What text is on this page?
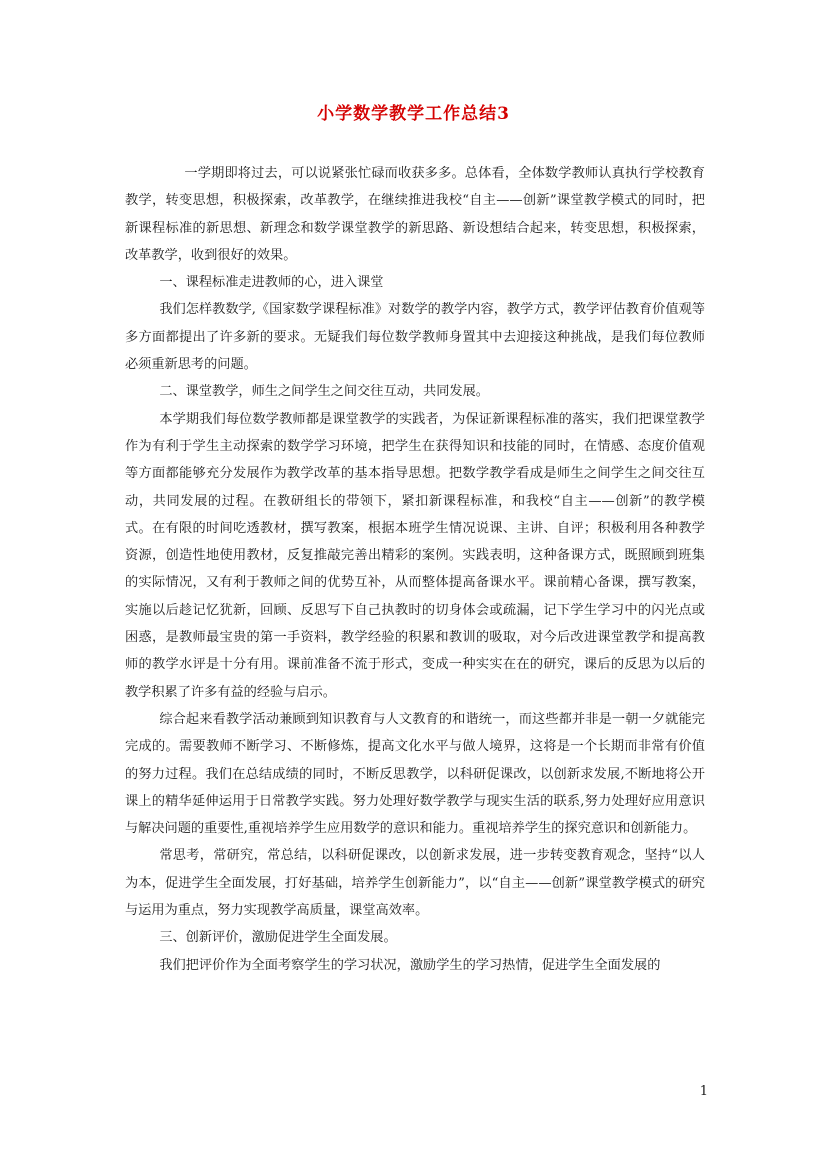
小学数学教学工作总结3

一学期即将过去，可以说紧张忙碌而收获多多。总体看，全体数学教师认真执行学校教育教学，转变思想，积极探索，改革教学，在继续推进我校“自主——创新”课堂教学模式的同时，把新课程标准的新思想、新理念和数学课堂教学的新思路、新设想结合起来，转变思想，积极探索，改革教学，收到很好的效果。

一、课程标准走进教师的心，进入课堂

我们怎样教数学,《国家数学课程标准》对数学的教学内容，教学方式，教学评估教育价值观等多方面都提出了许多新的要求。无疑我们每位数学教师身置其中去迎接这种挑战，是我们每位教师必须重新思考的问题。

二、课堂教学，师生之间学生之间交往互动，共同发展。

本学期我们每位数学教师都是课堂教学的实践者，为保证新课程标准的落实，我们把课堂教学作为有利于学生主动探索的数学学习环境，把学生在获得知识和技能的同时，在情感、态度价值观等方面都能够充分发展作为教学改革的基本指导思想。把数学教学看成是师生之间学生之间交往互动，共同发展的过程。在教研组长的带领下，紧扣新课程标准，和我校“自主——创新”的教学模式。在有限的时间吃透教材，撰写教案，根据本班学生情况说课、主讲、自评；积极利用各种教学资源，创造性地使用教材，反复推敲完善出精彩的案例。实践表明，这种备课方式，既照顾到班集的实际情况，又有利于教师之间的优势互补，从而整体提高备课水平。课前精心备课，撰写教案，实施以后趁记忆犹新，回顾、反思写下自己执教时的切身体会或疏漏，记下学生学习中的闪光点或困惑，是教师最宝贵的第一手资料，教学经验的积累和教训的吸取，对今后改进课堂教学和提高教师的教学水评是十分有用。课前准备不流于形式，变成一种实实在在的研究，课后的反思为以后的教学积累了许多有益的经验与启示。

综合起来看教学活动兼顾到知识教育与人文教育的和谐统一，而这些都并非是一朝一夕就能完完成的。需要教师不断学习、不断修炼，提高文化水平与做人境界，这将是一个长期而非常有价值的努力过程。我们在总结成绩的同时，不断反思教学，以科研促课改，以创新求发展,不断地将公开课上的精华延伸运用于日常教学实践。努力处理好数学教学与现实生活的联系,努力处理好应用意识与解决问题的重要性,重视培养学生应用数学的意识和能力。重视培养学生的探究意识和创新能力。

常思考，常研究，常总结，以科研促课改，以创新求发展，进一步转变教育观念，坚持“以人为本，促进学生全面发展，打好基础，培养学生创新能力”，以“自主——创新”课堂教学模式的研究与运用为重点，努力实现教学高质量，课堂高效率。

三、创新评价，激励促进学生全面发展。

我们把评价作为全面考察学生的学习状况，激励学生的学习热情，促进学生全面发展的

1
